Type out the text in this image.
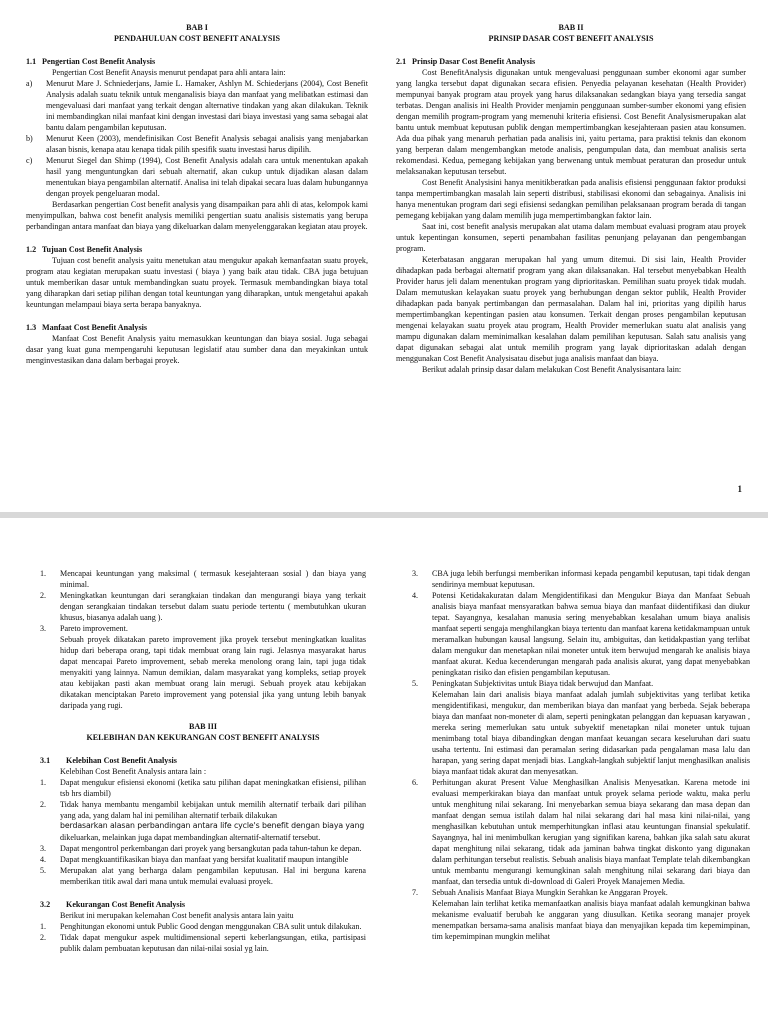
BAB I
PENDAHULUAN COST BENEFIT ANALYSIS
1.1 Pengertian Cost Benefit Analysis
Pengertian Cost Benefit Anaysis menurut pendapat para ahli antara lain:
a)	Menurut Mare J. Schniederjans, Jamie L. Hamaker, Ashlyn M. Schiederjans (2004), Cost Benefit Analysis adalah suatu teknik untuk menganalisis biaya dan manfaat yang melibatkan estimasi dan mengevaluasi dari manfaat yang terkait dengan alternative tindakan yang akan dilakukan. Teknik ini membandingkan nilai manfaat kini dengan investasi dari biaya investasi yang sama sebagai alat bantu dalam pengambilan keputusan.
b)	Menurut Keen (2003), mendefinisikan Cost Benefit Analysis sebagai analisis yang menjabarkan alasan bisnis, kenapa atau kenapa tidak pilih spesifik suatu investasi harus dipilih.
c)	Menurut Siegel dan Shimp (1994), Cost Benefit Analysis adalah cara untuk menentukan apakah hasil yang menguntungkan dari sebuah alternatif, akan cukup untuk dijadikan alasan dalam menentukan biaya pengambilan alternatif. Analisa ini telah dipakai secara luas dalam hubungannya dengan proyek pengeluaran modal.
Berdasarkan pengertian Cost benefit analysis yang disampaikan para ahli di atas, kelompok kami menyimpulkan, bahwa cost benefit analysis memiliki pengertian suatu analisis sistematis yang berupa perbandingan antara manfaat dan biaya yang dikeluarkan dalam menyelenggarakan kegiatan atau proyek.
1.2 Tujuan Cost Benefit Analysis
Tujuan cost benefit analysis yaitu menetukan atau mengukur apakah kemanfaatan suatu proyek, program atau kegiatan merupakan suatu investasi ( biaya ) yang baik atau tidak. CBA juga betujuan untuk memberikan dasar untuk membandingkan suatu proyek. Termasuk membandingkan biaya total yang diharapkan dari setiap pilihan dengan total keuntungan yang diharapkan, untuk mengetahui apakah keuntungan melampaui biaya serta berapa banyaknya.
1.3 Manfaat Cost Benefit Analysis
Manfaat Cost Benefit Analysis yaitu memasukkan keuntungan dan biaya sosial. Juga sebagai dasar yang kuat guna mempengaruhi keputusan legislatif atau sumber dana dan meyakinkan untuk menginvestasikan dana dalam berbagai proyek.
BAB II
PRINSIP DASAR COST BENEFIT ANALYSIS
2.1 Prinsip Dasar Cost Benefit Analysis
Cost BenefitAnalysis digunakan untuk mengevaluasi penggunaan sumber ekonomi agar sumber yang langka tersebut dapat digunakan secara efisien. Penyedia pelayanan kesehatan (Health Provider) mempunyai banyak program atau proyek yang harus dilaksanakan sedangkan biaya yang tersedia sangat terbatas. Dengan analisis ini Health Provider menjamin penggunaan sumber-sumber ekonomi yang efisien dengan memilih program-program yang memenuhi kriteria efisiensi. Cost Benefit Analysismerupakan alat bantu untuk membuat keputusan publik dengan mempertimbangkan kesejahteraan pasien atau konsumen. Ada dua pihak yang menaruh perhatian pada analisis ini, yaitu pertama, para praktisi teknis dan ekonom yang berperan dalam mengembangkan metode analisis, pengumpulan data, dan membuat analisis serta rekomendasi. Kedua, pemegang kebijakan yang berwenang untuk membuat peraturan dan prosedur untuk melaksanakan keputusan tersebut.
Cost Benefit Analysisini hanya menitikberatkan pada analisis efisiensi penggunaan faktor produksi tanpa mempertimbangkan masalah lain seperti distribusi, stabilisasi ekonomi dan sebagainya. Analisis ini hanya menentukan program dari segi efisiensi sedangkan pemilihan pelaksanaan program berada di tangan pemegang kebijakan yang dalam memilih juga mempertimbangkan faktor lain.
Saat ini, cost benefit analysis merupakan alat utama dalam membuat evaluasi program atau proyek untuk kepentingan konsumen, seperti penambahan fasilitas penunjang pelayanan dan pengembangan program.
Keterbatasan anggaran merupakan hal yang umum ditemui. Di sisi lain, Health Provider dihadapkan pada berbagai alternatif program yang akan dilaksanakan. Hal tersebut menyebabkan Health Provider harus jeli dalam menentukan program yang diprioritaskan. Pemilihan suatu proyek tidak mudah. Dalam memutuskan kelayakan suatu proyek yang berhubungan dengan sektor publik, Health Provider dihadapkan pada banyak pertimbangan dan permasalahan. Dalam hal ini, prioritas yang dipilih harus mempertimbangkan kepentingan pasien atau konsumen. Terkait dengan proses pengambilan keputusan mengenai kelayakan suatu proyek atau program, Health Provider memerlukan suatu alat analisis yang mampu digunakan dalam meminimalkan kesalahan dalam pemilihan keputusan. Salah satu analisis yang dapat digunakan sebagai alat untuk memilih program yang layak diprioritaskan adalah dengan menggunakan Cost Benefit Analysisatau disebut juga analisis manfaat dan biaya.
Berikut adalah prinsip dasar dalam melakukan Cost Benefit Analysisantara lain:
1
1.	Mencapai keuntungan yang maksimal ( termasuk kesejahteraan sosial ) dan biaya yang minimal.
2.	Meningkatkan keuntungan dari serangkaian tindakan dan mengurangi biaya yang terkait dengan serangkaian tindakan tersebut dalam suatu periode tertentu ( membutuhkan ukuran khusus, biasanya adalah uang ).
3.	Pareto improvement.
Sebuah proyek dikatakan pareto improvement jika proyek tersebut meningkatkan kualitas hidup dari beberapa orang, tapi tidak membuat orang lain rugi. Jelasnya masyarakat harus dapat mencapai Pareto improvement, sebab mereka menolong orang lain, tapi juga tidak menyakiti yang lainnya. Namun demikian, dalam masyarakat yang kompleks, setiap proyek atau kebijakan pasti akan membuat orang lain merugi. Sebuah proyek atau kebijakan dikatakan menciptakan Pareto improvement yang potensial jika yang untung lebih banyak daripada yang rugi.
BAB III
KELEBIHAN DAN KEKURANGAN COST BENEFIT ANALYSIS
3.1 Kelebihan Cost Benefit Analysis
Kelebihan Cost Benefit Analysis antara lain :
1.	Dapat mengukur efisiensi ekonomi (ketika satu pilihan dapat meningkatkan efisiensi, pilihan tsb hrs diambil)
2.	Tidak hanya membantu mengambil kebijakan untuk memilih alternatif terbaik dari pilihan yang ada, yang dalam hal ini pemilihan alternatif terbaik dilakukan
berdasarkan alasan perbandingan antara life cycle's benefit dengan biaya yang
dikeluarkan, melainkan juga dapat membandingkan alternatif-alternatif tersebut.
3.	Dapat mengontrol perkembangan dari proyek yang bersangkutan pada tahun-tahun ke depan.
4.	Dapat mengkuantifikasikan biaya dan manfaat yang bersifat kualitatif maupun intangible
5.	Merupakan alat yang berharga dalam pengambilan keputusan. Hal ini berguna karena memberikan titik awal dari mana untuk memulai evaluasi proyek.
3.2 Kekurangan Cost Benefit Analysis
Berikut ini merupakan kelemahan Cost benefit analysis antara lain yaitu
1.	Penghitungan ekonomi untuk Public Good dengan menggunakan CBA sulit untuk dilakukan.
2.	Tidak dapat mengukur aspek multidimensional seperti keberlangsungan, etika, partisipasi publik dalam pembuatan keputusan dan nilai-nilai sosial yg lain.
3.	CBA juga lebih berfungsi memberikan informasi kepada pengambil keputusan, tapi tidak dengan sendirinya membuat keputusan.
4.	Potensi Ketidakakuratan dalam Mengidentifikasi dan Mengukur Biaya dan Manfaat Sebuah analisis biaya manfaat mensyaratkan bahwa semua biaya dan manfaat diidentifikasi dan diukur tepat. Sayangnya, kesalahan manusia sering menyebabkan kesalahan umum biaya analisis manfaat seperti sengaja menghilangkan biaya tertentu dan manfaat karena ketidakmampuan untuk meramalkan hubungan kausal langsung. Selain itu, ambiguitas, dan ketidakpastian yang terlibat dalam mengukur dan menetapkan nilai moneter untuk item berwujud mengarah ke analisis biaya manfaat akurat. Kedua kecenderungan mengarah pada analisis akurat, yang dapat menyebabkan peningkatan risiko dan efisien pengambilan keputusan.
5.	Peningkatan Subjektivitas untuk Biaya tidak berwujud dan Manfaat.
Kelemahan lain dari analisis biaya manfaat adalah jumlah subjektivitas yang terlibat ketika mengidentifikasi, mengukur, dan memberikan biaya dan manfaat yang berbeda. Sejak beberapa biaya dan manfaat non-moneter di alam, seperti peningkatan pelanggan dan kepuasan karyawan , mereka sering memerlukan satu untuk subyektif menetapkan nilai moneter untuk tujuan menimbang total biaya dibandingkan dengan manfaat keuangan secara keseluruhan dari suatu usaha tertentu. Ini estimasi dan peramalan sering didasarkan pada pengalaman masa lalu dan harapan, yang sering dapat menjadi bias. Langkah-langkah subjektif lanjut menghasilkan analisis biaya manfaat tidak akurat dan menyesatkan.
6.	Perhitungan akurat Present Value Menghasilkan Analisis Menyesatkan. Karena metode ini evaluasi memperkirakan biaya dan manfaat untuk proyek selama periode waktu, maka perlu untuk menghitung nilai sekarang. Ini menyebarkan semua biaya sekarang dan masa depan dan manfaat dengan semua istilah dalam hal nilai sekarang dari hal masa kini nilai-nilai, yang menghasilkan kebutuhan untuk memperhitungkan inflasi atau keuntungan finansial spekulatif. Sayangnya, hal ini menimbulkan kerugian yang signifikan karena, bahkan jika salah satu akurat dapat menghitung nilai sekarang, tidak ada jaminan bahwa tingkat diskonto yang digunakan dalam perhitungan tersebut realistis. Sebuah analisis biaya manfaat Template telah dikembangkan untuk membantu mengurangi kemungkinan salah menghitung nilai sekarang dari biaya dan manfaat, dan tersedia untuk di-download di Galeri Proyek Manajemen Media.
7.	Sebuah Analisis Manfaat Biaya Mungkin Serahkan ke Anggaran Proyek.
Kelemahan lain terlihat ketika memanfaatkan analisis biaya manfaat adalah kemungkinan bahwa mekanisme evaluatif berubah ke anggaran yang diusulkan. Ketika seorang manajer proyek menempatkan bersama-sama analisis manfaat biaya dan menyajikan kepada tim kepemimpinan, tim kepemimpinan mungkin melihat
